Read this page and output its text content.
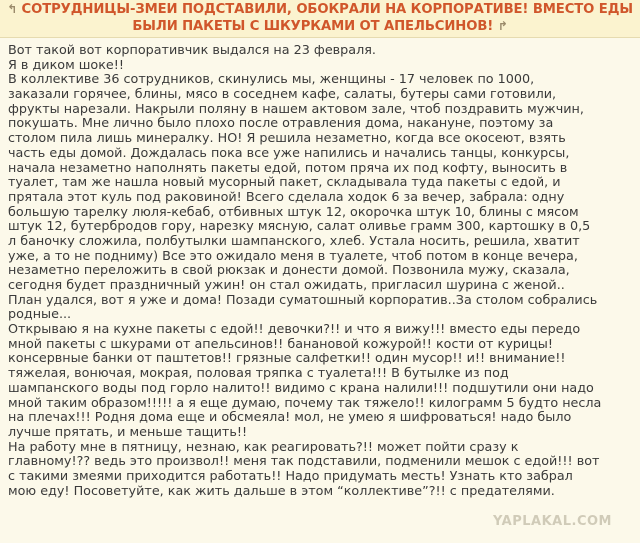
↰ СОТРУДНИЦЫ-ЗМЕИ ПОДСТАВИЛИ, ОБОКРАЛИ НА КОРПОРАТИВЕ! ВМЕСТО ЕДЫ
БЫЛИ ПАКЕТЫ С ШКУРКАМИ ОТ АПЕЛЬСИНОВ! ↱
Вот такой вот корпоративчик выдался на 23 февраля.
Я в диком шоке!!
В коллективе 36 сотрудников, скинулись мы, женщины - 17 человек по 1000,
заказали горячее, блины, мясо в соседнем кафе, салаты, бутеры сами готовили,
фрукты нарезали. Накрыли поляну в нашем актовом зале, чтоб поздравить мужчин,
покушать. Мне лично было плохо после отравления дома, накануне, поэтому за
столом пила лишь минералку. НО! Я решила незаметно, когда все окосеют, взять
часть еды домой. Дождалась пока все уже напились и начались танцы, конкурсы,
начала незаметно наполнять пакеты едой, потом пряча их под кофту, выносить в
туалет, там же нашла новый мусорный пакет, складывала туда пакеты с едой, и
прятала этот куль под раковиной! Всего сделала ходок 6 за вечер, забрала: одну
большую тарелку люля-кебаб, отбивных штук 12, окорочка штук 10, блины с мясом
штук 12, бутербродов гору, нарезку мясную, салат оливье грамм 300, картошку в 0,5
л баночку сложила, полбутылки шампанского, хлеб. Устала носить, решила, хватит
уже, а то не подниму) Все это ожидало меня в туалете, чтоб потом в конце вечера,
незаметно переложить в свой рюкзак и донести домой. Позвонила мужу, сказала,
сегодня будет праздничный ужин! он стал ожидать, пригласил шурина с женой..
План удался, вот я уже и дома! Позади суматошный корпоратив..За столом собрались
родные...
Открываю я на кухне пакеты с едой!! девочки?!! и что я вижу!!! вместо еды передо
мной пакеты с шкурами от апельсинов!! банановой кожурой!! кости от курицы!
консервные банки от паштетов!! грязные салфетки!! один мусор!! и!! внимание!!
тяжелая, вонючая, мокрая, половая тряпка с туалета!!! В бутылке из под
шампанского воды под горло налито!! видимо с крана налили!!! подшутили они надо
мной таким образом!!!!! а я еще думаю, почему так тяжело!! килограмм 5 будто несла
на плечах!!! Родня дома еще и обсмеяла! мол, не умею я шифроваться! надо было
лучше прятать, и меньше тащить!!
На работу мне в пятницу, незнаю, как реагировать?!! может пойти сразу к
главному!?? ведь это произвол!! меня так подставили, подменили мешок с едой!!! вот
с такими змеями приходится работать!! Надо придумать месть! Узнать кто забрал
мою еду! Посоветуйте, как жить дальше в этом “коллективе”?!! с предателями.
YAPLAKAL.COM
